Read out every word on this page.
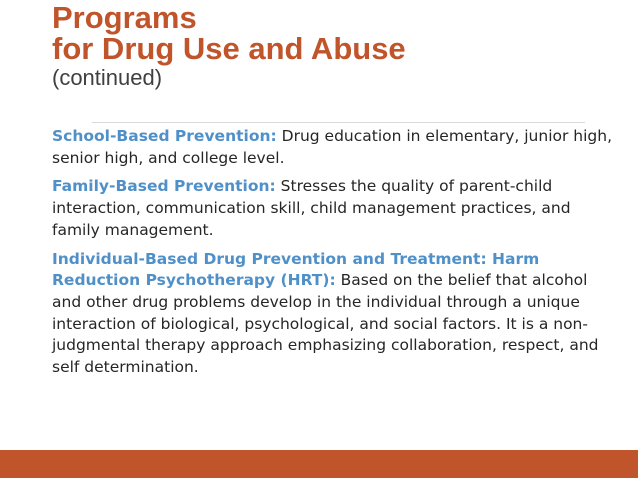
Programs
for Drug Use and Abuse
(continued)

School-Based Prevention: Drug education in elementary, junior high, senior high, and college level.

Family-Based Prevention: Stresses the quality of parent-child interaction, communication skill, child management practices, and family management.

Individual-Based Drug Prevention and Treatment: Harm Reduction Psychotherapy (HRT): Based on the belief that alcohol and other drug problems develop in the individual through a unique interaction of biological, psychological, and social factors. It is a non-judgmental therapy approach emphasizing collaboration, respect, and self determination.
